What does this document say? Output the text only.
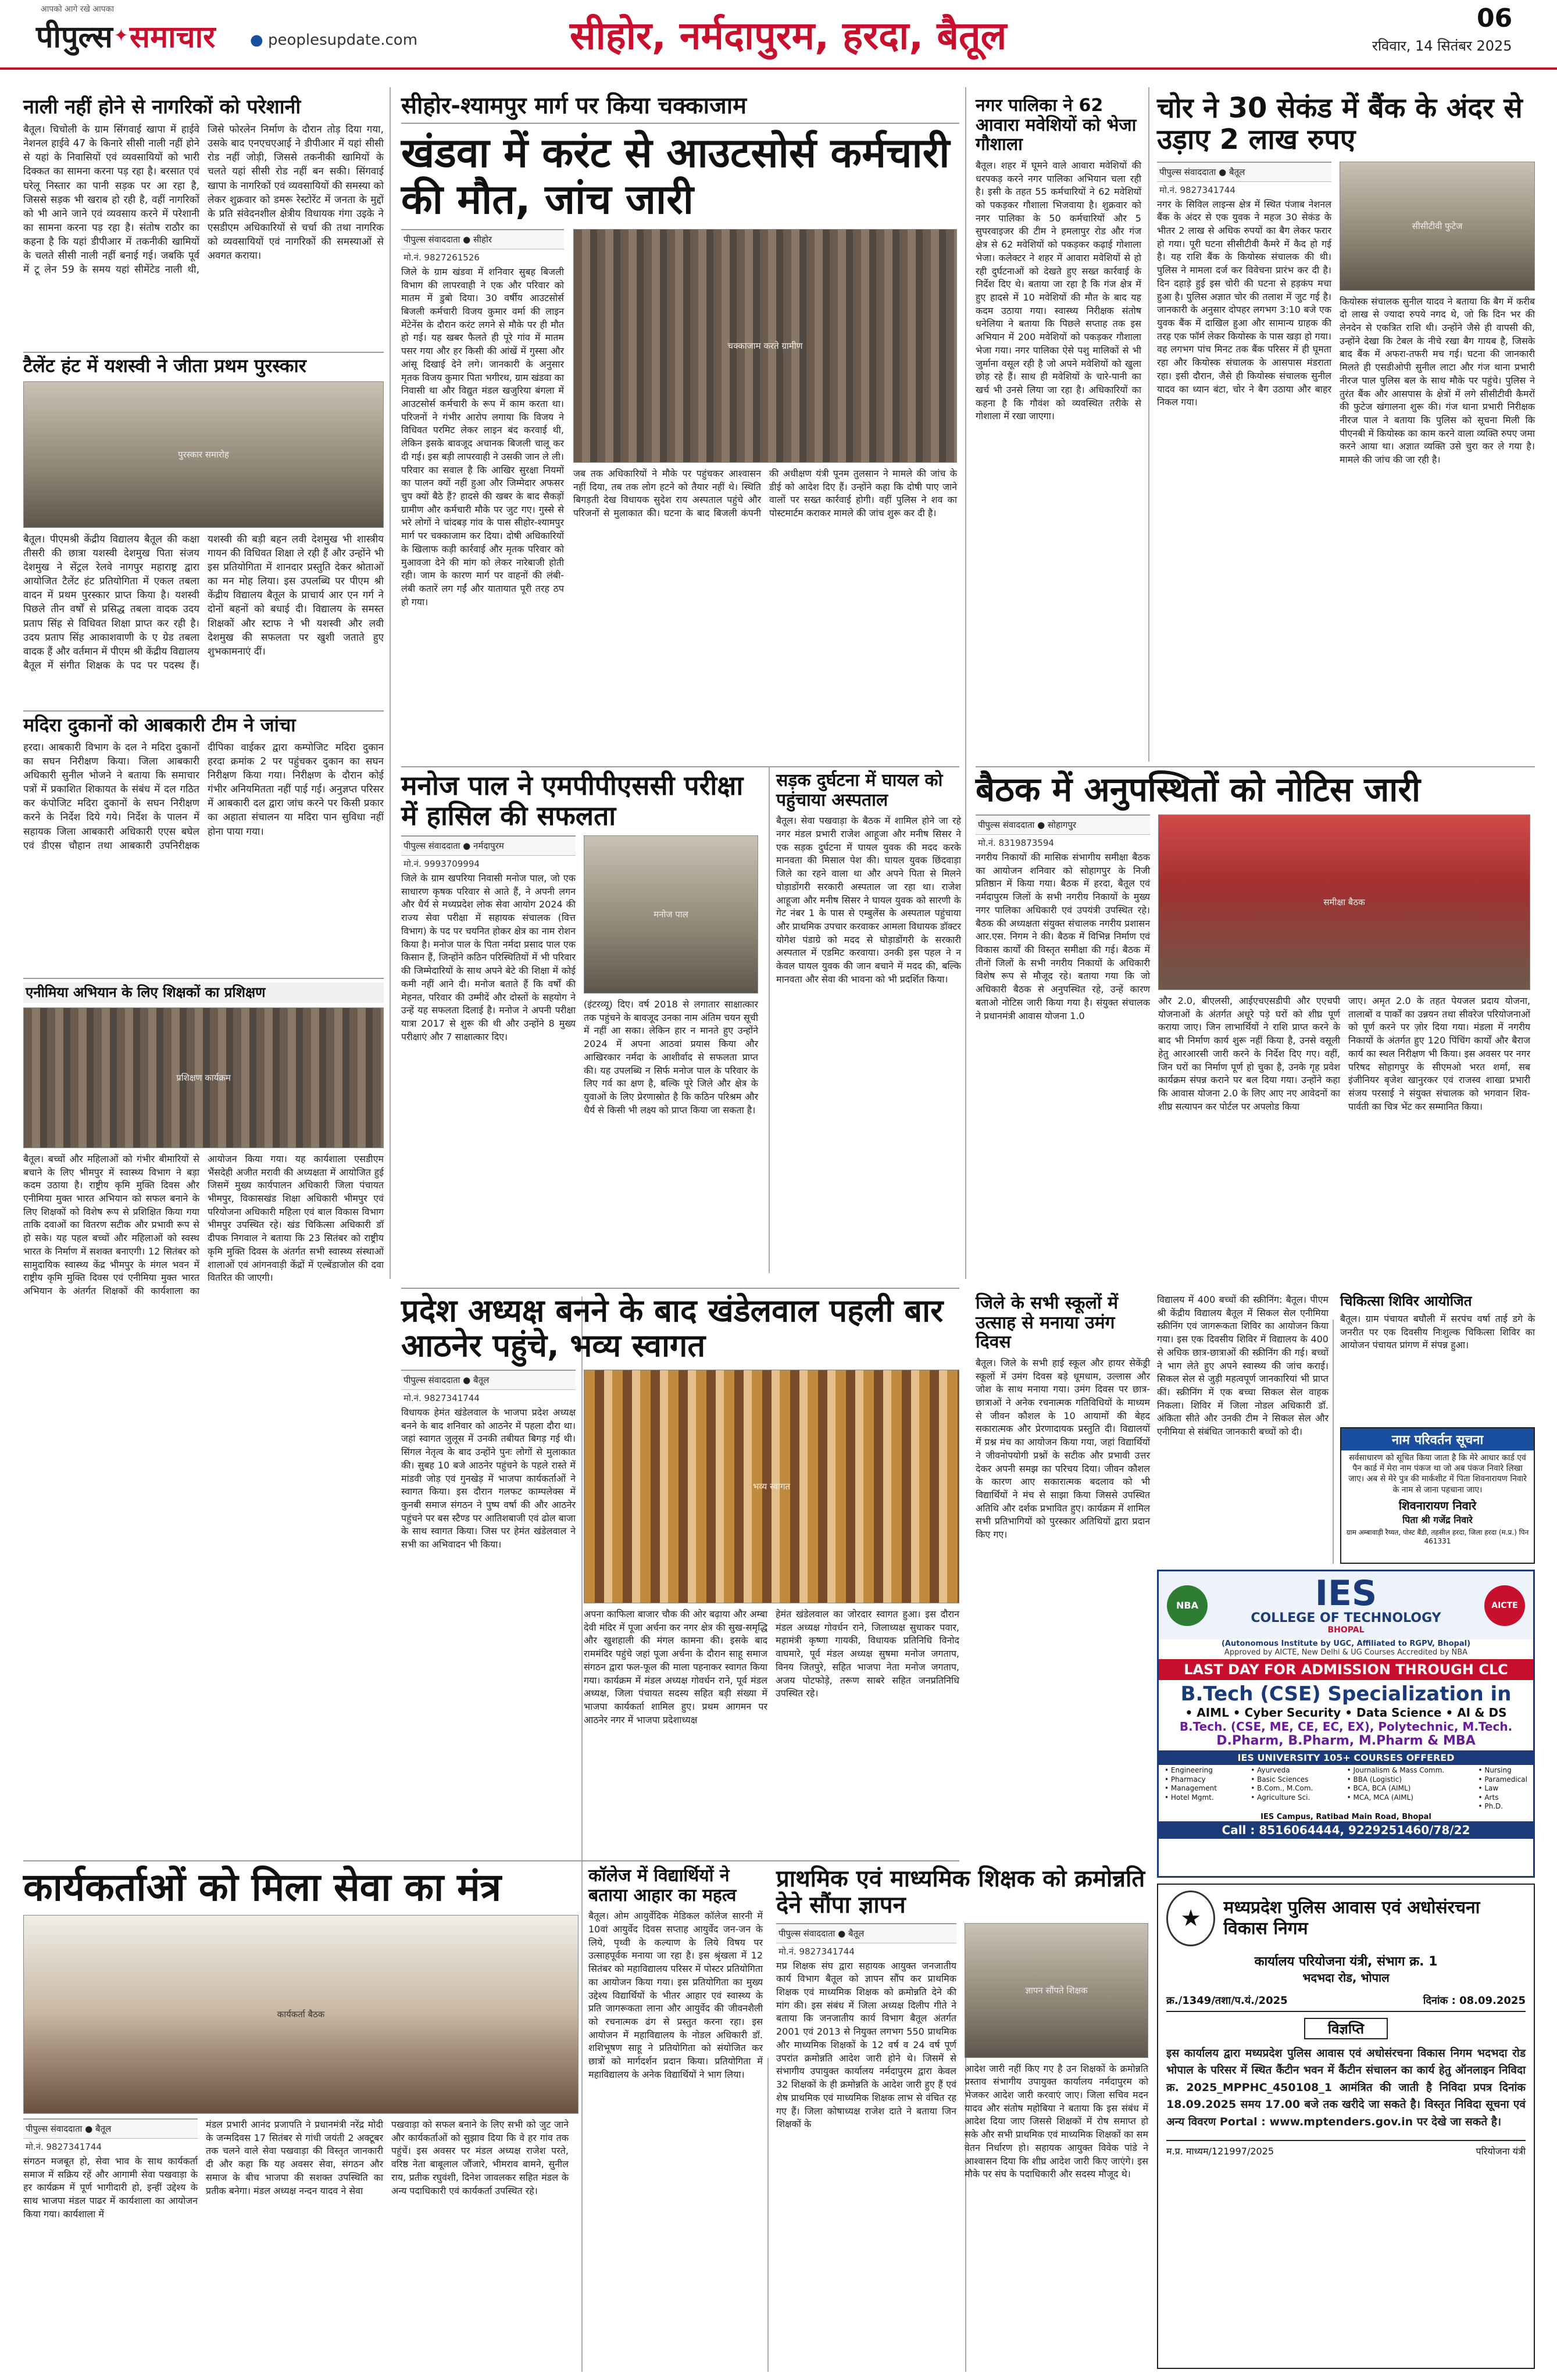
आपको आगे रखे आपका
पीपुल्स ✦ समाचार ● peoplesupdate.com	सीहोर, नर्मदापुरम, हरदा, बैतूल	रविवार, 14 सितंबर 2025
06
नाली नहीं होने से नागरिकों को परेशानी
बैतूल। चिचोली के ग्राम सिंगवाई खापा में हाईवे नेशनल हाईवे 47 के किनारे सीसी नाली नहीं होने से यहां के निवासियों एवं व्यवसायियों को भारी दिक्कत का सामना करना पड़ रहा है। बरसात एवं घरेलू निस्तार का पानी सड़क पर आ रहा है, जिससे सड़क भी खराब हो रही है, वहीं नागरिकों को भी आने जाने एवं व्यवसाय करने में परेशानी का सामना करना पड़ रहा है। संतोष राठौर का कहना है कि यहां डीपीआर में तकनीकी खामियों के चलते सीसी नाली नहीं बनाई गई। जबकि पूर्व में टू लेन 59 के समय यहां सीमेंटेड नाली थी, जिसे फोरलेन निर्माण के दौरान तोड़ दिया गया, उसके बाद एनएचएआई ने डीपीआर में यहां सीसी रोड नहीं जोड़ी, जिससे तकनीकी खामियों के चलते यहां सीसी रोड नहीं बन सकी। सिंगवाई खापा के नागरिकों एवं व्यवसायियों की समस्या को लेकर शुक्रवार को डमरू रेस्टोरेंट में जनता के मुद्दों के प्रति संवेदनशील क्षेत्रीय विधायक गंगा उइके ने एसडीएम अधिकारियों से चर्चा की तथा नागरिक को व्यवसायियों एवं नागरिकों की समस्याओं से अवगत कराया।
टैलेंट हंट में यशस्वी ने जीता प्रथम पुरस्कार
पुरस्कार समारोह
बैतूल। पीएमश्री केंद्रीय विद्यालय बैतूल की कक्षा तीसरी की छात्रा यशस्वी देशमुख पिता संजय देशमुख ने सेंट्रल रेलवे नागपुर महाराष्ट्र द्वारा आयोजित टैलेंट हंट प्रतियोगिता में एकल तबला वादन में प्रथम पुरस्कार प्राप्त किया है। यशस्वी पिछले तीन वर्षों से प्रसिद्ध तबला वादक उदय प्रताप सिंह से विधिवत शिक्षा प्राप्त कर रही है। उदय प्रताप सिंह आकाशवाणी के ए ग्रेड तबला वादक हैं और वर्तमान में पीएम श्री केंद्रीय विद्यालय बैतूल में संगीत शिक्षक के पद पर पदस्थ हैं। यशस्वी की बड़ी बहन लवी देशमुख भी शास्त्रीय गायन की विधिवत शिक्षा ले रही हैं और उन्होंने भी इस प्रतियोगिता में शानदार प्रस्तुति देकर श्रोताओं का मन मोह लिया। इस उपलब्धि पर पीएम श्री केंद्रीय विद्यालय बैतूल के प्राचार्य आर एन गर्ग ने दोनों बहनों को बधाई दी। विद्यालय के समस्त शिक्षकों और स्टाफ ने भी यशस्वी और लवी देशमुख की सफलता पर खुशी जताते हुए शुभकामनाएं दीं।
मदिरा दुकानों को आबकारी टीम ने जांचा
हरदा। आबकारी विभाग के दल ने मदिरा दुकानों का सघन निरीक्षण किया। जिला आबकारी अधिकारी सुनील भोजने ने बताया कि समाचार पत्रों में प्रकाशित शिकायत के संबंध में दल गठित कर कंपोजिट मदिरा दुकानों के सघन निरीक्षण करने के निर्देश दिये गये। निर्देश के पालन में सहायक जिला आबकारी अधिकारी एएस बघेल एवं डीएस चौहान तथा आबकारी उपनिरीक्षक दीपिका वाईकर द्वारा कम्पोजिट मदिरा दुकान हरदा क्रमांक 2 पर पहुंचकर दुकान का सघन निरीक्षण किया गया। निरीक्षण के दौरान कोई गंभीर अनियमितता नहीं पाई गई। अनुज्ञप्त परिसर में आबकारी दल द्वारा जांच करने पर किसी प्रकार का अहाता संचालन या मदिरा पान सुविधा नहीं होना पाया गया।
एनीमिया अभियान के लिए शिक्षकों का प्रशिक्षण
प्रशिक्षण कार्यक्रम
बैतूल। बच्चों और महिलाओं को गंभीर बीमारियों से बचाने के लिए भीमपुर में स्वास्थ्य विभाग ने बड़ा कदम उठाया है। राष्ट्रीय कृमि मुक्ति दिवस और एनीमिया मुक्त भारत अभियान को सफल बनाने के लिए शिक्षकों को विशेष रूप से प्रशिक्षित किया गया ताकि दवाओं का वितरण सटीक और प्रभावी रूप से हो सके। यह पहल बच्चों और महिलाओं को स्वस्थ भारत के निर्माण में सशक्त बनाएगी। 12 सितंबर को सामुदायिक स्वास्थ्य केंद्र भीमपुर के मंगल भवन में राष्ट्रीय कृमि मुक्ति दिवस एवं एनीमिया मुक्त भारत अभियान के अंतर्गत शिक्षकों की कार्यशाला का आयोजन किया गया। यह कार्यशाला एसडीएम भैंसदेही अजीत मरावी की अध्यक्षता में आयोजित हुई जिसमें मुख्य कार्यपालन अधिकारी जिला पंचायत भीमपुर, विकासखंड शिक्षा अधिकारी भीमपुर एवं परियोजना अधिकारी महिला एवं बाल विकास विभाग भीमपुर उपस्थित रहे। खंड चिकित्सा अधिकारी डॉ दीपक निगवाल ने बताया कि 23 सितंबर को राष्ट्रीय कृमि मुक्ति दिवस के अंतर्गत सभी स्वास्थ्य संस्थाओं शालाओं एवं आंगनवाड़ी केंद्रों में एल्बेंडाजोल की दवा वितरित की जाएगी।
सीहोर-श्यामपुर मार्ग पर किया चक्काजाम
खंडवा में करंट से आउटसोर्स कर्मचारी की मौत, जांच जारी
पीपुल्स संवाददाता ● सीहोर
मो.नं. 9827261526
जिले के ग्राम खंडवा में शनिवार सुबह बिजली विभाग की लापरवाही ने एक और परिवार को मातम में डुबो दिया। 30 वर्षीय आउटसोर्स बिजली कर्मचारी विजय कुमार वर्मा की लाइन मेंटेनेंस के दौरान करंट लगने से मौके पर ही मौत हो गई। यह खबर फैलते ही पूरे गांव में मातम पसर गया और हर किसी की आंखें में गुस्सा और आंसू दिखाई देने लगे। जानकारी के अनुसार मृतक विजय कुमार पिता भगीरथ, ग्राम खंडवा का निवासी था और विद्युत मंडल खजुरिया बंगला में आउटसोर्स कर्मचारी के रूप में काम करता था। परिजनों ने गंभीर आरोप लगाया कि विजय ने विधिवत परमिट लेकर लाइन बंद करवाई थी, लेकिन इसके बावजूद अचानक बिजली चालू कर दी गई। इस बड़ी लापरवाही ने उसकी जान ले ली। परिवार का सवाल है कि आखिर सुरक्षा नियमों का पालन क्यों नहीं हुआ और जिम्मेदार अफसर चुप क्यों बैठे हैं? हादसे की खबर के बाद सैकड़ों ग्रामीण और कर्मचारी मौके पर जुट गए। गुस्से से भरे लोगों ने चांदबड़ गांव के पास सीहोर-श्यामपुर मार्ग पर चक्काजाम कर दिया। दोषी अधिकारियों के खिलाफ कड़ी कार्रवाई और मृतक परिवार को मुआवजा देने की मांग को लेकर नारेबाजी होती रही। जाम के कारण मार्ग पर वाहनों की लंबी-लंबी कतारें लग गईं और यातायात पूरी तरह ठप हो गया।
चक्काजाम करते ग्रामीण
जब तक अधिकारियों ने मौके पर पहुंचकर आश्वासन नहीं दिया, तब तक लोग हटने को तैयार नहीं थे। स्थिति बिगड़ती देख विधायक सुदेश राय अस्पताल पहुंचे और परिजनों से मुलाकात की। घटना के बाद बिजली कंपनी की अधीक्षण यंत्री पूनम तुलसान ने मामले की जांच के डीई को आदेश दिए हैं। उन्होंने कहा कि दोषी पाए जाने वालों पर सख्त कार्रवाई होगी। वहीं पुलिस ने शव का पोस्टमार्टम कराकर मामले की जांच शुरू कर दी है।
नगर पालिका ने 62 आवारा मवेशियों को भेजा गौशाला
बैतूल। शहर में घूमने वाले आवारा मवेशियों की धरपकड़ करने नगर पालिका अभियान चला रही है। इसी के तहत 55 कर्मचारियों ने 62 मवेशियों को पकड़कर गौशाला भिजवाया है। शुक्रवार को नगर पालिका के 50 कर्मचारियों और 5 सुपरवाइजर की टीम ने हमलापुर रोड और गंज क्षेत्र से 62 मवेशियों को पकड़कर कढ़ाई गोशाला भेजा। कलेक्टर ने शहर में आवारा मवेशियों से हो रही दुर्घटनाओं को देखते हुए सख्त कार्रवाई के निर्देश दिए थे। बताया जा रहा है कि गंज क्षेत्र में हुए हादसे में 10 मवेशियों की मौत के बाद यह कदम उठाया गया। स्वास्थ्य निरीक्षक संतोष धनेलिया ने बताया कि पिछले सप्ताह तक इस अभियान में 200 मवेशियों को पकड़कर गौशाला भेजा गया। नगर पालिका ऐसे पशु मालिकों से भी जुर्माना वसूल रही है जो अपने मवेशियों को खुला छोड़ रहे हैं। साथ ही मवेशियों के चारे-पानी का खर्च भी उनसे लिया जा रहा है। अधिकारियों का कहना है कि गौवंश को व्यवस्थित तरीके से गोशाला में रखा जाएगा।
चोर ने 30 सेकंड में बैंक के अंदर से उड़ाए 2 लाख रुपए
पीपुल्स संवाददाता ● बैतूल
मो.नं. 9827341744
नगर के सिविल लाइन्स क्षेत्र में स्थित पंजाब नेशनल बैंक के अंदर से एक युवक ने महज 30 सेकंड के भीतर 2 लाख से अधिक रुपयों का बैग लेकर फरार हो गया। पूरी घटना सीसीटीवी कैमरे में कैद हो गई है। यह राशि बैंक के कियोस्क संचालक की थी। पुलिस ने मामला दर्ज कर विवेचना प्रारंभ कर दी है। दिन दहाड़े हुई इस चोरी की घटना से हड़कंप मचा हुआ है। पुलिस अज्ञात चोर की तलाश में जुट गई है। जानकारी के अनुसार दोपहर लगभग 3:10 बजे एक युवक बैंक में दाखिल हुआ और सामान्य ग्राहक की तरह एक फॉर्म लेकर कियोस्क के पास खड़ा हो गया। वह लगभग पांच मिनट तक बैंक परिसर में ही घूमता रहा और कियोस्क संचालक के आसपास मंडराता रहा। इसी दौरान, जैसे ही कियोस्क संचालक सुनील यादव का ध्यान बंटा, चोर ने बैग उठाया और बाहर निकल गया।
सीसीटीवी फुटेज
कियोस्क संचालक सुनील यादव ने बताया कि बैग में करीब दो लाख से ज्यादा रुपये नगद थे, जो कि दिन भर की लेनदेन से एकत्रित राशि थी। उन्होंने जैसे ही वापसी की, उन्होंने देखा कि टेबल के नीचे रखा बैग गायब है, जिसके बाद बैंक में अफरा-तफरी मच गई। घटना की जानकारी मिलते ही एसडीओपी सुनील लाटा और गंज थाना प्रभारी नीरज पाल पुलिस बल के साथ मौके पर पहुंचे। पुलिस ने तुरंत बैंक और आसपास के क्षेत्रों में लगे सीसीटीवी कैमरों की फुटेज खंगालना शुरू की। गंज थाना प्रभारी निरीक्षक नीरज पाल ने बताया कि पुलिस को सूचना मिली कि पीएनबी में कियोस्क का काम करने वाला व्यक्ति रुपए जमा करने आया था। अज्ञात व्यक्ति उसे चुरा कर ले गया है। मामले की जांच की जा रही है।
मनोज पाल ने एमपीपीएससी परीक्षा में हासिल की सफलता
पीपुल्स संवाददाता ● नर्मदापुरम
मो.नं. 9993709994
जिले के ग्राम खपरिया निवासी मनोज पाल, जो एक साधारण कृषक परिवार से आते हैं, ने अपनी लगन और धैर्य से मध्यप्रदेश लोक सेवा आयोग 2024 की राज्य सेवा परीक्षा में सहायक संचालक (वित्त विभाग) के पद पर चयनित होकर क्षेत्र का नाम रोशन किया है। मनोज पाल के पिता नर्मदा प्रसाद पाल एक किसान हैं, जिन्होंने कठिन परिस्थितियों में भी परिवार की जिम्मेदारियों के साथ अपने बेटे की शिक्षा में कोई कमी नहीं आने दी। मनोज बताते हैं कि वर्षों की मेहनत, परिवार की उम्मीदें और दोस्तों के सहयोग ने उन्हें यह सफलता दिलाई है। मनोज ने अपनी परीक्षा यात्रा 2017 से शुरू की थी और उन्होंने 8 मुख्य परीक्षाएं और 7 साक्षात्कार दिए।
मनोज पाल
(इंटरव्यू) दिए। वर्ष 2018 से लगातार साक्षात्कार तक पहुंचने के बावजूद उनका नाम अंतिम चयन सूची में नहीं आ सका। लेकिन हार न मानते हुए उन्होंने 2024 में अपना आठवां प्रयास किया और आखिरकार नर्मदा के आशीर्वाद से सफलता प्राप्त की। यह उपलब्धि न सिर्फ मनोज पाल के परिवार के लिए गर्व का क्षण है, बल्कि पूरे जिले और क्षेत्र के युवाओं के लिए प्रेरणास्रोत है कि कठिन परिश्रम और धैर्य से किसी भी लक्ष्य को प्राप्त किया जा सकता है।
सड़क दुर्घटना में घायल को पहुंचाया अस्पताल
बैतूल। सेवा पखवाड़ा के बैठक में शामिल होने जा रहे नगर मंडल प्रभारी राजेश आहूजा और मनीष सिसर ने एक सड़क दुर्घटना में घायल युवक की मदद करके मानवता की मिसाल पेश की। घायल युवक छिंदवाड़ा जिले का रहने वाला था और अपने पिता से मिलने घोड़ाडोंगरी सरकारी अस्पताल जा रहा था। राजेश आहूजा और मनीष सिसर ने घायल युवक को सारणी के गेट नंबर 1 के पास से एम्बुलेंस के अस्पताल पहुंचाया और प्राथमिक उपचार करवाकर आमला विधायक डॉक्टर योगेश पंडाग्रे को मदद से घोड़ाडोंगरी के सरकारी अस्पताल में एडमिट करवाया। उनकी इस पहल ने न केवल घायल युवक की जान बचाने में मदद की, बल्कि मानवता और सेवा की भावना को भी प्रदर्शित किया।
बैठक में अनुपस्थितों को नोटिस जारी
पीपुल्स संवाददाता ● सोहागपुर
मो.नं. 8319873594
नगरीय निकायों की मासिक संभागीय समीक्षा बैठक का आयोजन शनिवार को सोहागपुर के निजी प्रतिष्ठान में किया गया। बैठक में हरदा, बैतूल एवं नर्मदापुरम जिलों के सभी नगरीय निकायों के मुख्य नगर पालिका अधिकारी एवं उपयंत्री उपस्थित रहे। बैठक की अध्यक्षता संयुक्त संचालक नगरीय प्रशासन आर.एस. निगम ने की। बैठक में विभिन्न निर्माण एवं विकास कार्यों की विस्तृत समीक्षा की गई। बैठक में तीनों जिलों के सभी नगरीय निकायों के अधिकारी विशेष रूप से मौजूद रहे। बताया गया कि जो अधिकारी बैठक से अनुपस्थित रहे, उन्हें कारण बताओ नोटिस जारी किया गया है। संयुक्त संचालक ने प्रधानमंत्री आवास योजना 1.0
समीक्षा बैठक
और 2.0, बीएलसी, आईएचएसडीपी और एएचपी योजनाओं के अंतर्गत अधूरे पड़े घरों को शीघ्र पूर्ण कराया जाए। जिन लाभार्थियों ने राशि प्राप्त करने के बाद भी निर्माण कार्य शुरू नहीं किया है, उनसे वसूली हेतु आरआरसी जारी करने के निर्देश दिए गए। वहीं, जिन घरों का निर्माण पूर्ण हो चुका है, उनके गृह प्रवेश कार्यक्रम संपन्न कराने पर बल दिया गया। उन्होंने कहा कि आवास योजना 2.0 के लिए आए नए आवेदनों का शीघ्र सत्यापन कर पोर्टल पर अपलोड किया
जाए। अमृत 2.0 के तहत पेयजल प्रदाय योजना, तालाबों व पार्कों का उन्नयन तथा सीवरेज परियोजनाओं को पूर्ण करने पर ज़ोर दिया गया। मंडला में नगरीय निकायों के अंतर्गत हुए 120 पिंचिंग कार्यों और बैराज कार्य का स्थल निरीक्षण भी किया। इस अवसर पर नगर परिषद सोहागपुर के सीएमओ भरत शर्मा, सब इंजीनियर बृजेश खानुरकर एवं राजस्व शाखा प्रभारी संजय परसाई ने संयुक्त संचालक को भगवान शिव-पार्वती का चित्र भेंट कर सम्मानित किया।
प्रदेश अध्यक्ष बनने के बाद खंडेलवाल पहली बार आठनेर पहुंचे, भव्य स्वागत
पीपुल्स संवाददाता ● बैतूल
मो.नं. 9827341744
विधायक हेमंत खंडेलवाल के भाजपा प्रदेश अध्यक्ष बनने के बाद शनिवार को आठनेर में पहला दौरा था। जहां स्वागत जुलूस में उनकी तबीयत बिगड़ गई थी। सिंगल नेतृत्व के बाद उन्होंने पुनः लोगों से मुलाकात की। सुबह 10 बजे आठनेर पहुंचने के पहले रास्ते में मांडवी जोड़ एवं गुनखेड़ में भाजपा कार्यकर्ताओं ने स्वागत किया। इस दौरान गलफट काम्पलेक्स में कुनबी समाज संगठन ने पुष्प वर्षा की और आठनेर पहुंचने पर बस स्टैण्ड पर आतिशबाजी एवं ढोल बाजा के साथ स्वागत किया। जिस पर हेमंत खंडेलवाल ने सभी का अभिवादन भी किया।
भव्य स्वागत
अपना काफिला बाजार चौक की ओर बढ़ाया और अम्बा देवी मंदिर में पूजा अर्चना कर नगर क्षेत्र की सुख-समृद्धि और खुशहाली की मंगल कामना की। इसके बाद राममंदिर पहुंचे जहां पूजा अर्चना के दौरान साहू समाज संगठन द्वारा फल-फूल की माला पहनाकर स्वागत किया गया। कार्यक्रम में मंडल अध्यक्ष गोवर्धन राने, पूर्व मंडल अध्यक्ष, जिला पंचायत सदस्य सहित बड़ी संख्या में भाजपा कार्यकर्ता शामिल हुए। प्रथम आगमन पर आठनेर नगर में भाजपा प्रदेशाध्यक्ष
हेमंत खंडेलवाल का जोरदार स्वागत हुआ। इस दौरान मंडल अध्यक्ष गोवर्धन राने, जिलाध्यक्ष सुधाकर पवार, महामंत्री कृष्णा गायकी, विधायक प्रतिनिधि विनोद वाघमारे, पूर्व मंडल अध्यक्ष सुषमा मनोज जगताप, विनय जितपुरे, सहित भाजपा नेता मनोज जगताप, अजय पोटफोड़े, तरूण साबरे सहित जनप्रतिनिधि उपस्थित रहे।
जिले के सभी स्कूलों में उत्साह से मनाया उमंग दिवस
बैतूल। जिले के सभी हाई स्कूल और हायर सेकेंड्री स्कूलों में उमंग दिवस बड़े धूमधाम, उल्लास और जोश के साथ मनाया गया। उमंग दिवस पर छात्र-छात्राओं ने अनेक रचनात्मक गतिविधियों के माध्यम से जीवन कौशल के 10 आयामों की बेहद सकारात्मक और प्रेरणादायक प्रस्तुति दी। विद्यालयों में प्रश्न मंच का आयोजन किया गया, जहां विद्यार्थियों ने जीवनोपयोगी प्रश्नों के सटीक और प्रभावी उत्तर देकर अपनी समझ का परिचय दिया। जीवन कौशल के कारण आए सकारात्मक बदलाव को भी विद्यार्थियों ने मंच से साझा किया जिससे उपस्थित अतिथि और दर्शक प्रभावित हुए। कार्यक्रम में शामिल सभी प्रतिभागियों को पुरस्कार अतिथियों द्वारा प्रदान किए गए।
विद्यालय में 400 बच्चों की स्क्रीनिंग: बैतूल। पीएम श्री केंद्रीय विद्यालय बैतूल में सिकल सेल एनीमिया स्क्रीनिंग एवं जागरूकता शिविर का आयोजन किया गया। इस एक दिवसीय शिविर में विद्यालय के 400 से अधिक छात्र-छात्राओं की स्क्रीनिंग की गई। बच्चों ने भाग लेते हुए अपने स्वास्थ्य की जांच कराई। सिकल सेल से जुड़ी महत्वपूर्ण जानकारियां भी प्राप्त कीं। स्क्रीनिंग में एक बच्चा सिकल सेल वाहक निकला। शिविर में जिला नोडल अधिकारी डॉ. अंकिता सीते और उनकी टीम ने सिकल सेल और एनीमिया से संबंधित जानकारी बच्चों को दी।
चिकित्सा शिविर आयोजित
बैतूल। ग्राम पंचायत बघौली में सरपंच वर्षा ताई डगे के जनरीत पर एक दिवसीय निःशुल्क चिकित्सा शिविर का आयोजन पंचायत प्रांगण में संपन्न हुआ।
नाम परिवर्तन सूचना
सर्वसाधारण को सूचित किया जाता है कि मेरे आधार कार्ड एवं पैन कार्ड में मेरा नाम पंकज था जो अब पंकज निवारे लिखा जाए। अब से मेरे पुत्र की मार्कशीट में पिता शिवनारायण निवारे के नाम से जाना पहचाना जाए।
शिवनारायण निवारे
पिता श्री गजेंद्र निवारे
ग्राम अम्बावाड़ी रैय्यत, पोस्ट बैंडी, तहसील हरदा, जिला हरदा (म.प्र.) पिन 461331
NBA	IES
COLLEGE OF TECHNOLOGY
BHOPAL
AICTE
(Autonomous Institute by UGC, Affiliated to RGPV, Bhopal)
Approved by AICTE, New Delhi & UG Courses Accredited by NBA
LAST DAY FOR ADMISSION THROUGH CLC
B.Tech (CSE) Specialization in
• AIML • Cyber Security • Data Science • AI & DS
B.Tech. (CSE, ME, CE, EC, EX), Polytechnic, M.Tech.
D.Pharm, B.Pharm, M.Pharm & MBA
IES UNIVERSITY 105+ COURSES OFFERED
• Engineering
• Pharmacy
• Management
• Hotel Mgmt.
• Ayurveda
• Basic Sciences
• B.Com., M.Com.
• Agriculture Sci.
• Journalism & Mass Comm.
• BBA (Logistic)
• BCA, BCA (AIML)
• MCA, MCA (AIML)
• Nursing
• Paramedical
• Law
• Arts
• Ph.D.
IES Campus, Ratibad Main Road, Bhopal
Call : 8516064444, 9229251460/78/22
★	मध्यप्रदेश पुलिस आवास एवं अधोसंरचना विकास निगम
कार्यालय परियोजना यंत्री, संभाग क्र. 1
भदभदा रोड, भोपाल
क्र./1349/तशा/प.यं./2025	दिनांक : 08.09.2025
विज्ञप्ति
इस कार्यालय द्वारा मध्यप्रदेश पुलिस आवास एवं अधोसंरचना विकास निगम भदभदा रोड भोपाल के परिसर में स्थित कैंटीन भवन में कैंटीन संचालन का कार्य हेतु ऑनलाइन निविदा क्र. 2025_MPPHC_450108_1 आमंत्रित की जाती है निविदा प्रपत्र दिनांक 18.09.2025 समय 17.00 बजे तक खरीदे जा सकते है। विस्तृत निविदा सूचना एवं अन्य विवरण Portal : www.mptenders.gov.in पर देखे जा सकते है।
म.प्र. माध्यम/121997/2025	परियोजना यंत्री
कार्यकर्ताओं को मिला सेवा का मंत्र
कार्यकर्ता बैठक
पीपुल्स संवाददाता ● बैतूल
मो.नं. 9827341744
संगठन मजबूत हो, सेवा भाव के साथ कार्यकर्ता समाज में सक्रिय रहें और आगामी सेवा पखवाड़ा के हर कार्यक्रम में पूर्ण भागीदारी हो, इन्हीं उद्देश्य के साथ भाजपा मंडल पाढर में कार्यशाला का आयोजन किया गया। कार्यशाला में
मंडल प्रभारी आनंद प्रजापति ने प्रधानमंत्री नरेंद्र मोदी के जन्मदिवस 17 सितंबर से गांधी जयंती 2 अक्टूबर तक चलने वाले सेवा पखवाड़ा की विस्तृत जानकारी दी और कहा कि यह अवसर सेवा, संगठन और समाज के बीच भाजपा की सशक्त उपस्थिति का प्रतीक बनेगा। मंडल अध्यक्ष नन्दन यादव ने सेवा
पखवाड़ा को सफल बनाने के लिए सभी को जुट जाने और कार्यकर्ताओं को सुझाव दिया कि वे हर गांव तक पहुंचें। इस अवसर पर मंडल अध्यक्ष राजेश परते, वरिष्ठ नेता बाबूलाल जौंजारे, भीमराव बामने, सुनील राय, प्रतीक रघुवंशी, दिनेश जावलकर सहित मंडल के अन्य पदाधिकारी एवं कार्यकर्ता उपस्थित रहे।
कॉलेज में विद्यार्थियों ने बताया आहार का महत्व
बैतूल। ओम आयुर्वेदिक मेडिकल कॉलेज सारनी में 10वां आयुर्वेद दिवस सप्ताह आयुर्वेद जन-जन के लिये, पृथ्वी के कल्याण के लिये विषय पर उत्साहपूर्वक मनाया जा रहा है। इस श्रृंखला में 12 सितंबर को महाविद्यालय परिसर में पोस्टर प्रतियोगिता का आयोजन किया गया। इस प्रतियोगिता का मुख्य उद्देश्य विद्यार्थियों के भीतर आहार एवं स्वास्थ्य के प्रति जागरूकता लाना और आयुर्वेद की जीवनशैली को रचनात्मक ढंग से प्रस्तुत करना रहा। इस आयोजन में महाविद्यालय के नोडल अधिकारी डॉ. शशिभूषण साहू ने प्रतियोगिता को संयोजित कर छात्रों को मार्गदर्शन प्रदान किया। प्रतियोगिता में महाविद्यालय के अनेक विद्यार्थियों ने भाग लिया।
प्राथमिक एवं माध्यमिक शिक्षक को क्रमोन्नति देने सौंपा ज्ञापन
पीपुल्स संवाददाता ● बैतूल
मो.नं. 9827341744
मप्र शिक्षक संघ द्वारा सहायक आयुक्त जनजातीय कार्य विभाग बैतूल को ज्ञापन सौंप कर प्राथमिक शिक्षक एवं माध्यमिक शिक्षक को क्रमोन्नति देने की मांग की। इस संबंध में जिला अध्यक्ष दिलीप गीते ने बताया कि जनजातीय कार्य विभाग बैतूल अंतर्गत 2001 एवं 2013 से नियुक्त लगभग 550 प्राथमिक और माध्यमिक शिक्षकों के 12 वर्ष व 24 वर्ष पूर्ण उपरांत क्रमोन्नति आदेश जारी होने थे। जिसमें से संभागीय उपायुक्त कार्यालय नर्मदापुरम द्वारा केवल 32 शिक्षकों के ही क्रमोन्नति के आदेश जारी हुए हैं एवं शेष प्राथमिक एवं माध्यमिक शिक्षक लाभ से वंचित रह गए हैं। जिला कोषाध्यक्ष राजेश दाते ने बताया जिन शिक्षकों के
ज्ञापन सौंपते शिक्षक
आदेश जारी नहीं किए गए है उन शिक्षकों के क्रमोन्नति प्रस्ताव संभागीय उपायुक्त कार्यालय नर्मदापुरम को भेजकर आदेश जारी करवाएं जाए। जिला सचिव मदन यादव और संतोष महोबिया ने बताया कि इस संबंध में आदेश दिया जाए जिससे शिक्षकों में रोष समाप्त हो सके और सभी प्राथमिक एवं माध्यमिक शिक्षकों का सम वेतन निर्धारण हो। सहायक आयुक्त विवेक पांडे ने आश्वासन दिया कि शीघ्र आदेश जारी किए जाएंगे। इस मौके पर संघ के पदाधिकारी और सदस्य मौजूद थे।
